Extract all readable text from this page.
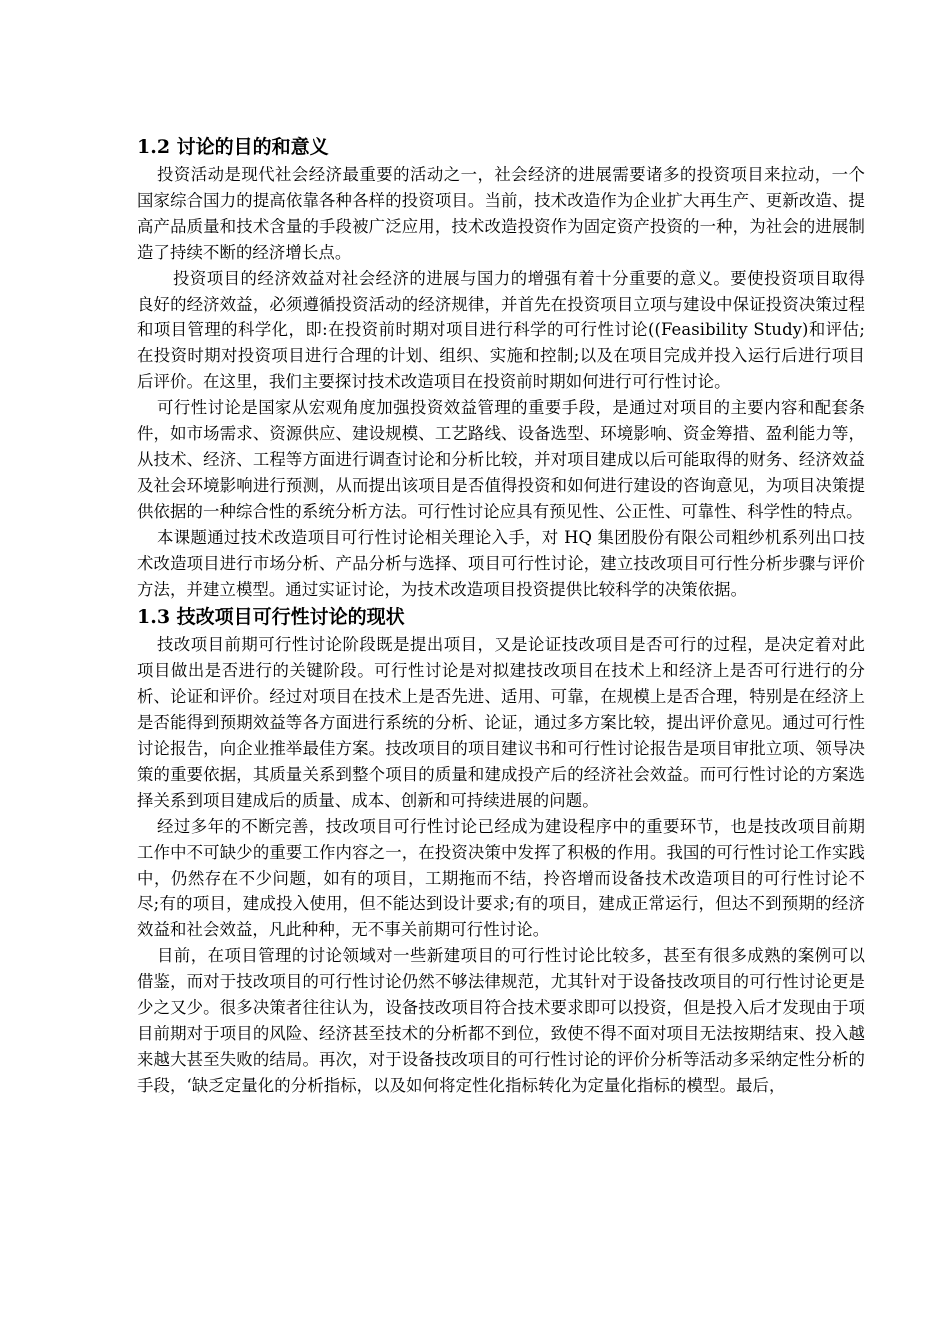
1.2 讨论的目的和意义

投资活动是现代社会经济最重要的活动之一，社会经济的进展需要诸多的投资项目来拉动，一个国家综合国力的提高依靠各种各样的投资项目。当前，技术改造作为企业扩大再生产、更新改造、提高产品质量和技术含量的手段被广泛应用，技术改造投资作为固定资产投资的一种，为社会的进展制造了持续不断的经济增长点。

投资项目的经济效益对社会经济的进展与国力的增强有着十分重要的意义。要使投资项目取得良好的经济效益，必须遵循投资活动的经济规律，并首先在投资项目立项与建设中保证投资决策过程和项目管理的科学化，即:在投资前时期对项目进行科学的可行性讨论((Feasibility Study)和评估;在投资时期对投资项目进行合理的计划、组织、实施和控制;以及在项目完成并投入运行后进行项目后评价。在这里，我们主要探讨技术改造项目在投资前时期如何进行可行性讨论。

可行性讨论是国家从宏观角度加强投资效益管理的重要手段，是通过对项目的主要内容和配套条件，如市场需求、资源供应、建设规模、工艺路线、设备选型、环境影响、资金筹措、盈利能力等，从技术、经济、工程等方面进行调查讨论和分析比较，并对项目建成以后可能取得的财务、经济效益及社会环境影响进行预测，从而提出该项目是否值得投资和如何进行建设的咨询意见，为项目决策提供依据的一种综合性的系统分析方法。可行性讨论应具有预见性、公正性、可靠性、科学性的特点。

本课题通过技术改造项目可行性讨论相关理论入手，对 HQ 集团股份有限公司粗纱机系列出口技术改造项目进行市场分析、产品分析与选择、项目可行性讨论，建立技改项目可行性分析步骤与评价方法，并建立模型。通过实证讨论，为技术改造项目投资提供比较科学的决策依据。

1.3 技改项目可行性讨论的现状

技改项目前期可行性讨论阶段既是提出项目，又是论证技改项目是否可行的过程，是决定着对此项目做出是否进行的关键阶段。可行性讨论是对拟建技改项目在技术上和经济上是否可行进行的分析、论证和评价。经过对项目在技术上是否先进、适用、可靠，在规模上是否合理，特别是在经济上是否能得到预期效益等各方面进行系统的分析、论证，通过多方案比较，提出评价意见。通过可行性讨论报告，向企业推举最佳方案。技改项目的项目建议书和可行性讨论报告是项目审批立项、领导决策的重要依据，其质量关系到整个项目的质量和建成投产后的经济社会效益。而可行性讨论的方案选择关系到项目建成后的质量、成本、创新和可持续进展的问题。

经过多年的不断完善，技改项目可行性讨论已经成为建设程序中的重要环节，也是技改项目前期工作中不可缺少的重要工作内容之一，在投资决策中发挥了积极的作用。我国的可行性讨论工作实践中，仍然存在不少问题，如有的项目，工期拖而不结，拎咨增而设备技术改造项目的可行性讨论不尽;有的项目，建成投入使用，但不能达到设计要求;有的项目，建成正常运行，但达不到预期的经济效益和社会效益，凡此种种，无不事关前期可行性讨论。

目前，在项目管理的讨论领域对一些新建项目的可行性讨论比较多，甚至有很多成熟的案例可以借鉴，而对于技改项目的可行性讨论仍然不够法律规范，尤其针对于设备技改项目的可行性讨论更是少之又少。很多决策者往往认为，设备技改项目符合技术要求即可以投资，但是投入后才发现由于项目前期对于项目的风险、经济甚至技术的分析都不到位，致使不得不面对项目无法按期结束、投入越来越大甚至失败的结局。再次，对于设备技改项目的可行性讨论的评价分析等活动多采纳定性分析的手段，‘缺乏定量化的分析指标，以及如何将定性化指标转化为定量化指标的模型。最后，
